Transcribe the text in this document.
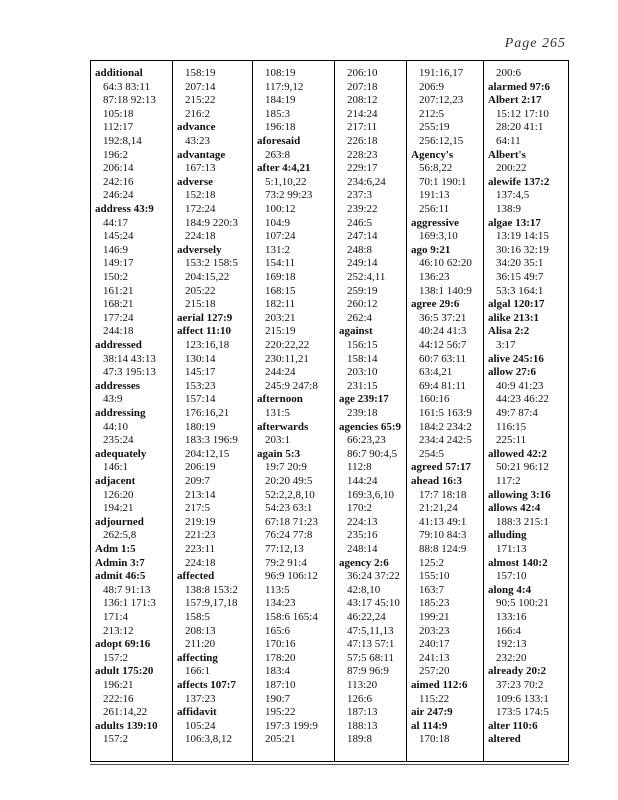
Page 265
additional
64:3 83:11
87:18 92:13
105:18
112:17
192:8,14
196:2
206:14
242:16
246:24
address 43:9
44:17
145:24
146:9
149:17
150:2
161:21
168:21
177:24
244:18
addressed
38:14 43:13
47:3 195:13
addresses
43:9
addressing
44:10
235:24
adequately
146:1
adjacent
126:20
194:21
adjourned
262:5,8
Adm 1:5
Admin 3:7
admit 46:5
48:7 91:13
136:1 171:3
171:4
213:12
adopt 69:16
157:2
adult 175:20
196:21
222:16
261:14,22
adults 139:10
157:2
158:19
207:14
215:22
216:2
advance
43:23
advantage
167:13
adverse
152:18
172:24
184:9 220:3
224:18
adversely
153:2 158:5
204:15,22
205:22
215:18
aerial 127:9
affect 11:10
123:16,18
130:14
145:17
153:23
157:14
176:16,21
180:19
183:3 196:9
204:12,15
206:19
209:7
213:14
217:5
219:19
221:23
223:11
224:18
affected
138:8 153:2
157:9,17,18
158:5
208:13
211:20
affecting
166:1
affects 107:7
137:23
affidavit
105:24
106:3,8,12
108:19
117:9,12
184:19
185:3
196:18
aforesaid
263:8
after 4:4,21
5:1,10,22
73:2 99:23
100:12
104:9
107:24
131:2
154:11
169:18
168:15
182:11
203:21
215:19
220:22,22
230:11,21
244:24
245:9 247:8
afternoon
131:5
afterwards
203:1
again 5:3
19:7 20:9
20:20 49:5
52:2,2,8,10
54:23 63:1
67:18 71:23
76:24 77:8
77:12,13
79:2 91:4
96:9 106:12
113:5
134:23
158:6 165:4
165:6
170:16
178:20
183:4
187:10
190:7
195:22
197:3 199:9
205:21
206:10
207:18
208:12
214:24
217:11
226:18
228:23
229:17
234:6,24
237:3
239:22
246:5
247:14
248:8
249:14
252:4,11
259:19
260:12
262:4
against
156:15
158:14
203:10
231:15
age 239:17
239:18
agencies 65:9
66:23,23
86:7 90:4,5
112:8
144:24
169:3,6,10
170:2
224:13
235:16
248:14
agency 2:6
36:24 37:22
42:8,10
43:17 45:10
46:22,24
47:5,11,13
47:13 57:1
57:5 68:11
87:9 96:9
113:20
126:6
187:13
188:13
189:8
191:16,17
206:9
207:12,23
212:5
255:19
256:12,15
Agency's
56:8,22
70:1 190:1
191:13
256:11
aggressive
169:3,10
ago 9:21
46:10 62:20
136:23
138:1 140:9
agree 29:6
36:5 37:21
40:24 41:3
44:12 56:7
60:7 63:11
63:4,21
69:4 81:11
160:16
161:5 163:9
184:2 234:2
234:4 242:5
254:5
agreed 57:17
ahead 16:3
17:7 18:18
21:21,24
41:13 49:1
79:10 84:3
88:8 124:9
125:2
155:10
163:7
185:23
199:21
203:23
240:17
241:13
257:20
aimed 112:6
115:22
air 247:9
al 114:9
170:18
200:6
alarmed 97:6
Albert 2:17
15:12 17:10
28:20 41:1
64:11
Albert's
200:22
alewife 137:2
137:4,5
138:9
algae 13:17
13:19 14:15
30:16 32:19
34:20 35:1
36:15 49:7
53:3 164:1
algal 120:17
alike 213:1
Alisa 2:2
3:17
alive 245:16
allow 27:6
40:9 41:23
44:23 46:22
49:7 87:4
116:15
225:11
allowed 42:2
50:21 96:12
117:2
allowing 3:16
allows 42:4
188:3 215:1
alluding
171:13
almost 140:2
157:10
along 4:4
90:5 100:21
133:16
166:4
192:13
232:20
already 20:2
37:23 70:2
109:6 133:1
173:5 174:5
alter 110:6
altered
